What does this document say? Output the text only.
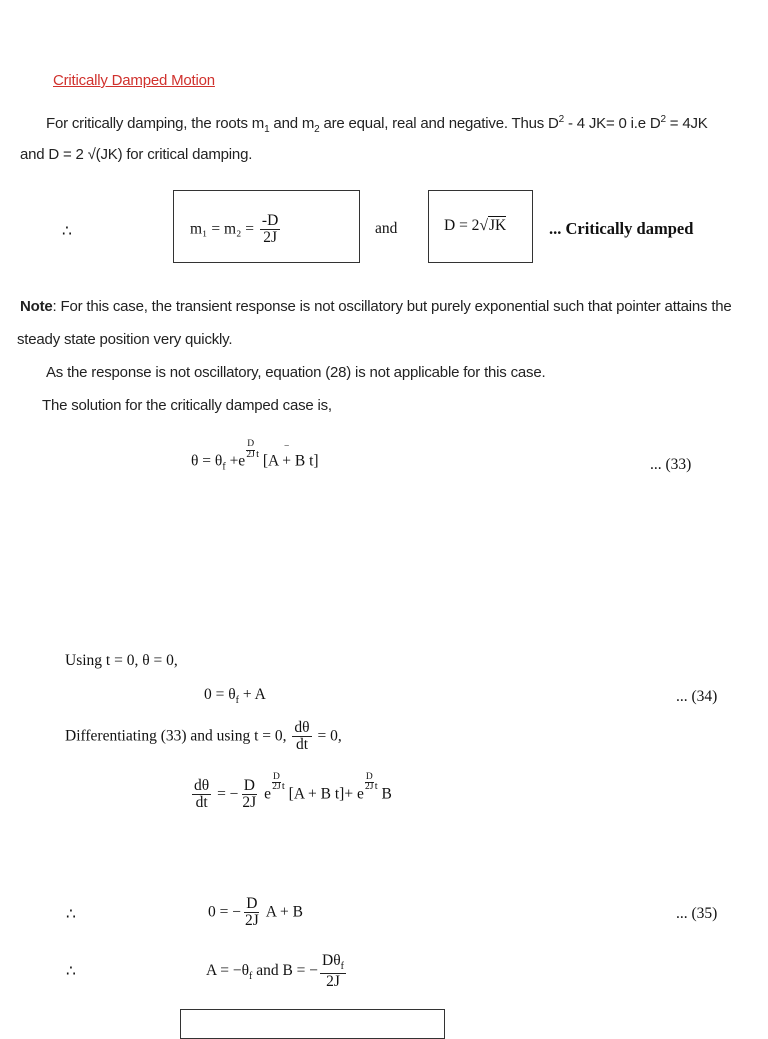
Critically Damped Motion
For critically damping, the roots $m_1$ and $m_2$ are equal, real and negative. Thus $D^2 - 4$ JK= 0 i.e $D^2 = 4JK$
and D = 2 √(JK) for critical damping.
∴	$m_1 = m_2 = \frac{-D}{2J}$	and	D = 2√JK	... Critically damped
Note: For this case, the transient response is not oscillatory but purely exponential such that pointer attains the
steady state position very quickly.
As the response is not oscillatory, equation (28) is not applicable for this case.
The solution for the critically damped case is,
$\theta = \theta_f +e$
$\frac{D}{2J} ^t$ [A + B t]
−
... (33)
Using t = 0, θ = 0,
$0 = \theta_f + A$	... (34)
Differentiating (33) and using t = 0, $\frac{d\theta}{dt} = 0$,
$\frac{d\theta}{dt}$ = − $\frac{D}{2J}$ e
$\frac{D}{2J} ^t$ [A + B t]+ e
$\frac{D}{2J} ^t$ B
∴	0 = − $\frac{D}{2J}$ A + B	... (35)
∴	$A = -\theta_f$ and B = − $\frac{D\theta_f}{2J}$
